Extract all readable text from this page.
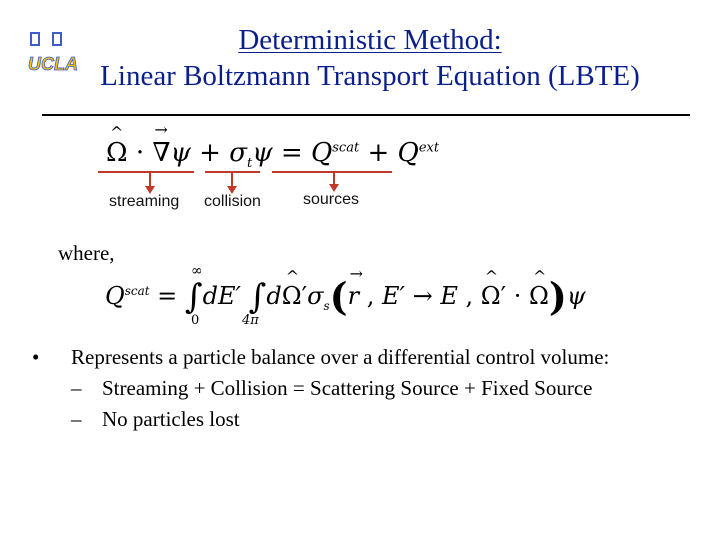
UCLA
Deterministic Method:
Linear Boltzmann Transport Equation (LBTE)
^ Ω · → $\nabla\psi + \sigma_t\psi = Q^{scat} + Q^{ext}$
streaming collision	sources
where,
∞
0	4π
$Q^{scat} = \int dE'$ ∫d^ $\Omega'\sigma_s(\to r$ , E′ → E , ^ Ω′ · ^ Ω)ψ
• Represents a particle balance over a differential control volume:
– Streaming + Collision = Scattering Source + Fixed Source
– No particles lost
